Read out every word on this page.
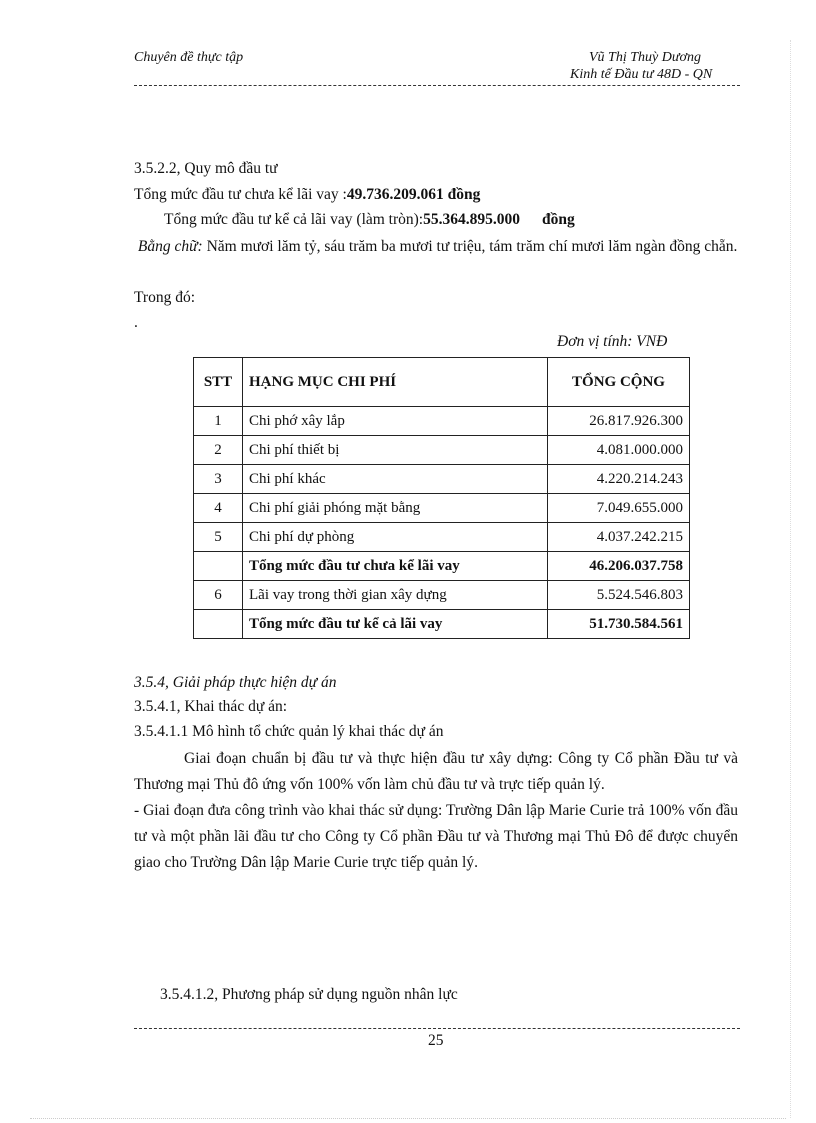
Chuyên đề thực tập	Vũ Thị Thuỳ Dương
Kinh tế Đầu tư 48D - QN
3.5.2.2, Quy mô đầu tư
Tổng mức đầu tư chưa kể lãi vay :49.736.209.061 đồng
Tổng mức đầu tư kể cả lãi vay (làm tròn):55.364.895.000 đồng
Bằng chữ: Năm mươi lăm tỷ, sáu trăm ba mươi tư triệu, tám trăm chí mươi lăm ngàn đồng chẵn.
Trong đó:
.
Đơn vị tính: VNĐ
STT	HẠNG MỤC CHI PHÍ	TỔNG CỘNG
1	Chi phớ xây lắp	26.817.926.300
2	Chi phí thiết bị	4.081.000.000
3	Chi phí khác	4.220.214.243
4	Chi phí giải phóng mặt bằng	7.049.655.000
5	Chi phí dự phòng	4.037.242.215
	Tổng mức đầu tư chưa kể lãi vay	46.206.037.758
6	Lãi vay trong thời gian xây dựng	5.524.546.803
	Tổng mức đầu tư kể cả lãi vay	51.730.584.561
3.5.4, Giải pháp thực hiện dự án
3.5.4.1, Khai thác dự án:
3.5.4.1.1 Mô hình tổ chức quản lý khai thác dự án
Giai đoạn chuẩn bị đầu tư và thực hiện đầu tư xây dựng: Công ty Cổ phần Đầu tư và Thương mại Thủ đô ứng vốn 100% vốn làm chủ đầu tư và trực tiếp quản lý.
- Giai đoạn đưa công trình vào khai thác sử dụng: Trường Dân lập Marie Curie trả 100% vốn đầu tư và một phần lãi đầu tư cho Công ty Cổ phần Đầu tư và Thương mại Thủ Đô để được chuyển giao cho Trường Dân lập Marie Curie trực tiếp quản lý.
3.5.4.1.2, Phương pháp sử dụng nguồn nhân lực
25
